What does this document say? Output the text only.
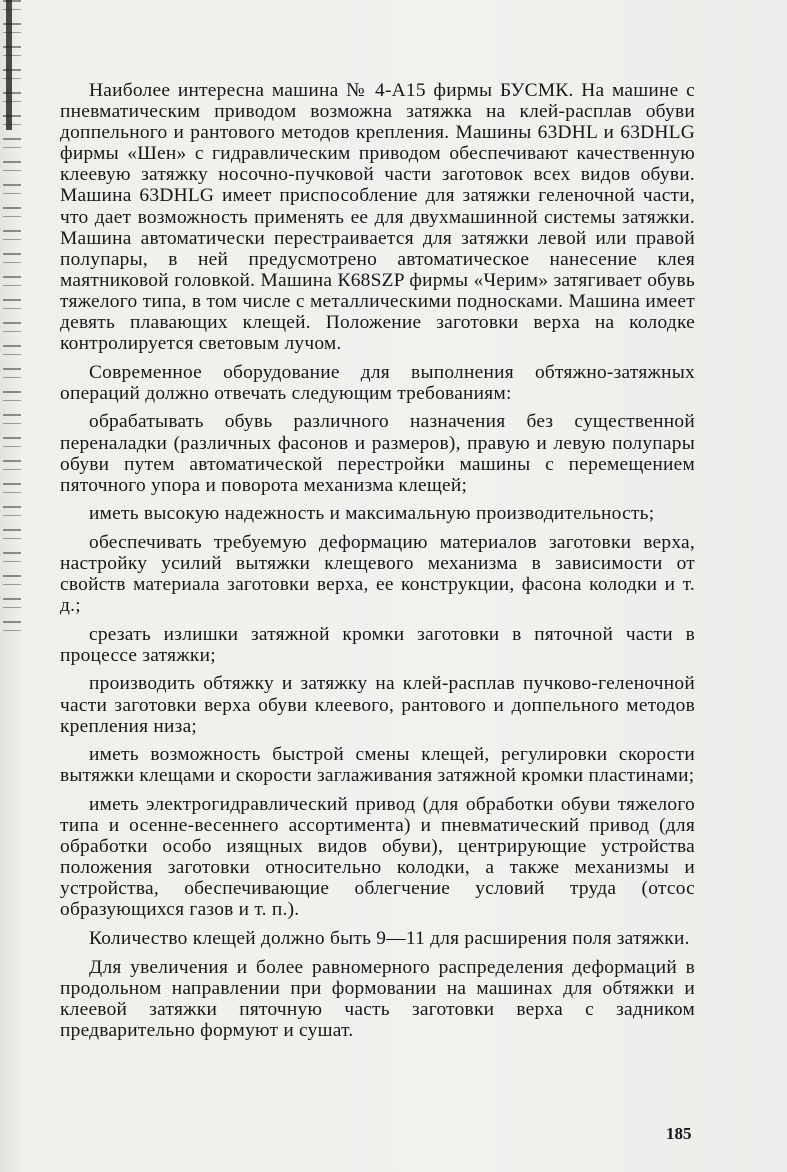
Наиболее интересна машина № 4-А15 фирмы БУСМК. На машине с пневматическим приводом возможна затяжка на клей-расплав обуви доппельного и рантового методов крепления. Машины 63DHL и 63DHLG фирмы «Шен» с гидравлическим приводом обеспечивают качественную клеевую затяжку носочно-пучковой части заготовок всех видов обуви. Машина 63DHLG имеет приспособление для затяжки геленочной части, что дает возможность применять ее для двухмашинной системы затяжки. Машина автоматически перестраивается для затяжки левой или правой полупары, в ней предусмотрено автоматическое нанесение клея маятниковой головкой. Машина К68SZP фирмы «Черим» затягивает обувь тяжелого типа, в том числе с металлическими подносками. Машина имеет девять плавающих клещей. Положение заготовки верха на колодке контролируется световым лучом.

Современное оборудование для выполнения обтяжно-затяжных операций должно отвечать следующим требованиям:

обрабатывать обувь различного назначения без существенной переналадки (различных фасонов и размеров), правую и левую полупары обуви путем автоматической перестройки машины с перемещением пяточного упора и поворота механизма клещей;

иметь высокую надежность и максимальную производительность;

обеспечивать требуемую деформацию материалов заготовки верха, настройку усилий вытяжки клещевого механизма в зависимости от свойств материала заготовки верха, ее конструкции, фасона колодки и т. д.;

срезать излишки затяжной кромки заготовки в пяточной части в процессе затяжки;

производить обтяжку и затяжку на клей-расплав пучково-геленочной части заготовки верха обуви клеевого, рантового и доппельного методов крепления низа;

иметь возможность быстрой смены клещей, регулировки скорости вытяжки клещами и скорости заглаживания затяжной кромки пластинами;

иметь электрогидравлический привод (для обработки обуви тяжелого типа и осенне-весеннего ассортимента) и пневматический привод (для обработки особо изящных видов обуви), центрирующие устройства положения заготовки относительно колодки, а также механизмы и устройства, обеспечивающие облегчение условий труда (отсос образующихся газов и т. п.).

Количество клещей должно быть 9—11 для расширения поля затяжки.

Для увеличения и более равномерного распределения деформаций в продольном направлении при формовании на машинах для обтяжки и клеевой затяжки пяточную часть заготовки верха с задником предварительно формуют и сушат.

185
